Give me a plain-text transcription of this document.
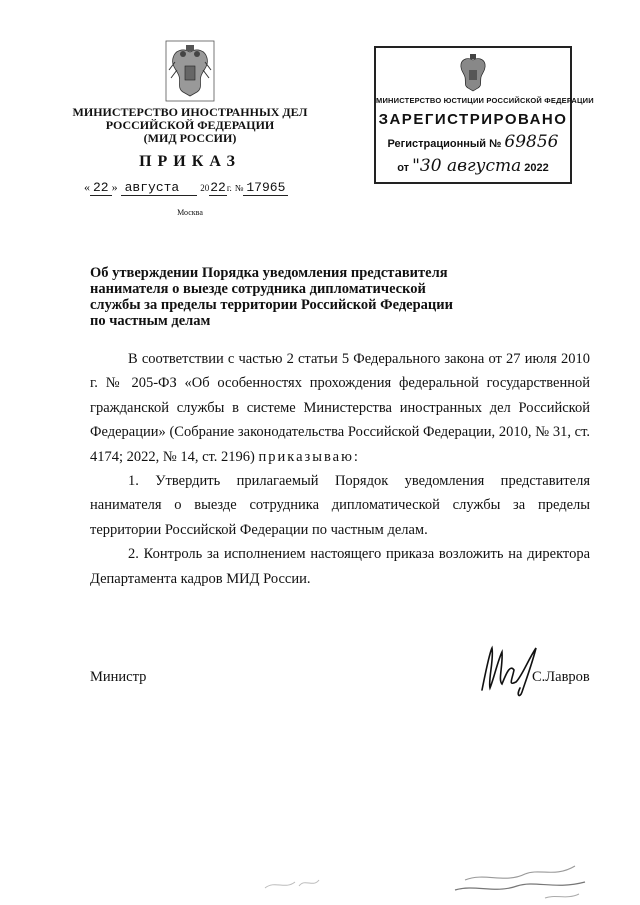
МИНИСТЕРСТВО ИНОСТРАННЫХ ДЕЛ
РОССИЙСКОЙ ФЕДЕРАЦИИ
(МИД РОССИИ)
ПРИКАЗ
« 22 » августа 2022г. № 17965
Москва
МИНИСТЕРСТВО ЮСТИЦИИ РОССИЙСКОЙ ФЕДЕРАЦИИ
ЗАРЕГИСТРИРОВАНО
Регистрационный № 69856
от "30 августа 2022
Об утверждении Порядка уведомления представителя нанимателя о выезде сотрудника дипломатической службы за пределы территории Российской Федерации по частным делам

В соответствии с частью 2 статьи 5 Федерального закона от 27 июля 2010 г. № 205-ФЗ «Об особенностях прохождения федеральной государственной гражданской службы в системе Министерства иностранных дел Российской Федерации» (Собрание законодательства Российской Федерации, 2010, № 31, ст. 4174; 2022, № 14, ст. 2196) приказываю:

1. Утвердить прилагаемый Порядок уведомления представителя нанимателя о выезде сотрудника дипломатической службы за пределы территории Российской Федерации по частным делам.

2. Контроль за исполнением настоящего приказа возложить на директора Департамента кадров МИД России.

Министр	С.Лавров
